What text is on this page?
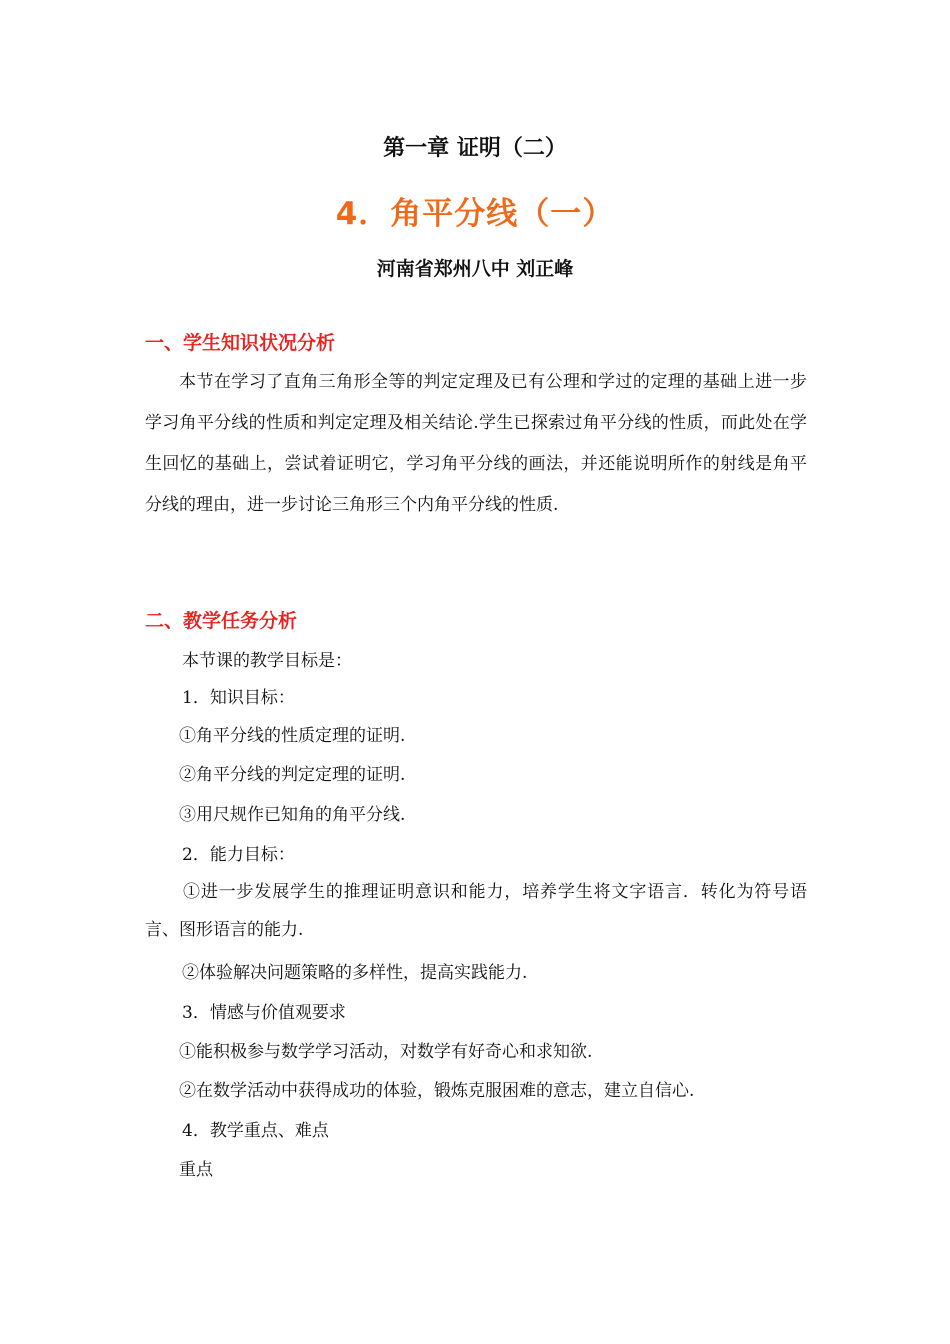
第一章 证明（二）
4．角平分线（一）
河南省郑州八中 刘正峰
一、学生知识状况分析
本节在学习了直角三角形全等的判定定理及已有公理和学过的定理的基础上进一步学习角平分线的性质和判定定理及相关结论.学生已探索过角平分线的性质，而此处在学生回忆的基础上，尝试着证明它，学习角平分线的画法，并还能说明所作的射线是角平分线的理由，进一步讨论三角形三个内角平分线的性质.
二、教学任务分析
本节课的教学目标是：
1．知识目标：
①角平分线的性质定理的证明.
②角平分线的判定定理的证明.
③用尺规作已知角的角平分线.
2．能力目标：
①进一步发展学生的推理证明意识和能力，培养学生将文字语言．转化为符号语言、图形语言的能力.
②体验解决问题策略的多样性，提高实践能力.
3．情感与价值观要求
①能积极参与数学学习活动，对数学有好奇心和求知欲.
②在数学活动中获得成功的体验，锻炼克服困难的意志，建立自信心.
4．教学重点、难点
重点
